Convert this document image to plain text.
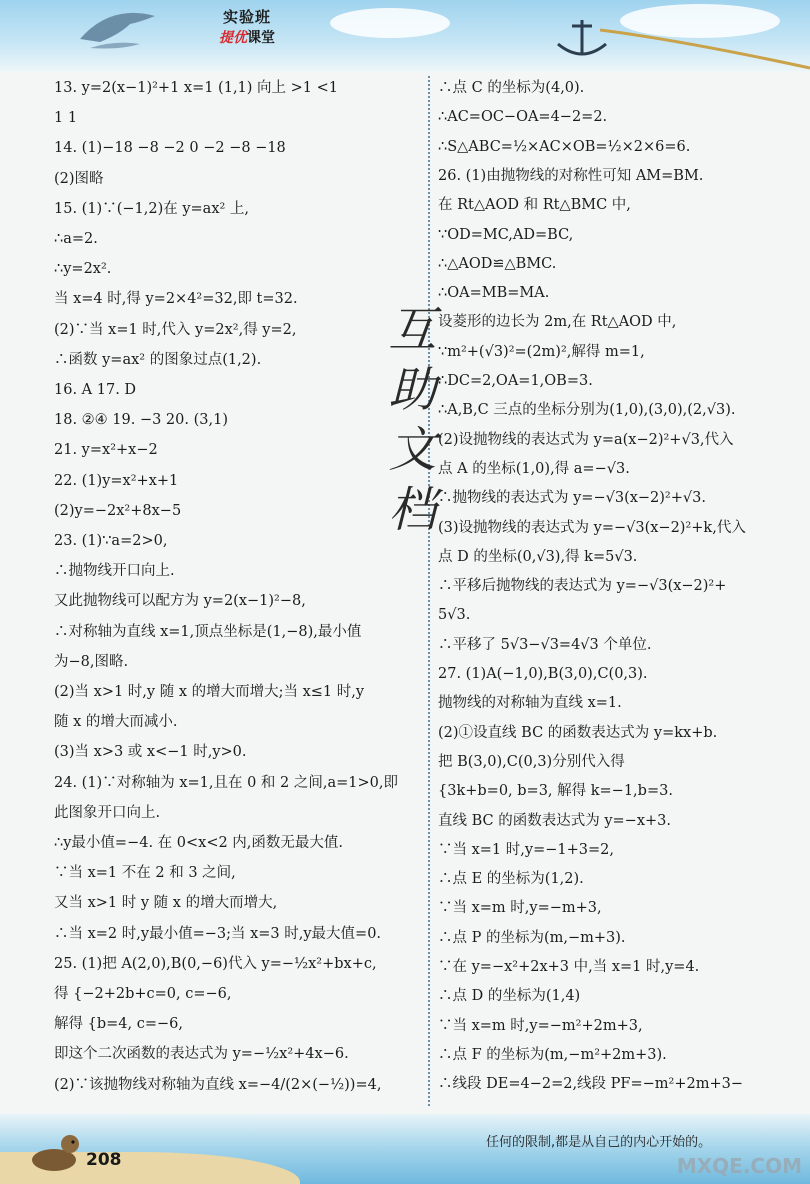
实验班
提优课堂
13. y=2(x−1)²+1 x=1 (1,1) 向上 >1 <1
1 1
14. (1)−18 −8 −2 0 −2 −8 −18
(2)图略
15. (1)∵(−1,2)在 y=ax² 上,
∴a=2.
∴y=2x².
当 x=4 时,得 y=2×4²=32,即 t=32.
(2)∵当 x=1 时,代入 y=2x²,得 y=2,
∴函数 y=ax² 的图象过点(1,2).
16. A 17. D
18. ②④ 19. −3 20. (3,1)
21. y=x²+x−2
22. (1)y=x²+x+1
(2)y=−2x²+8x−5
23. (1)∵a=2>0,
∴抛物线开口向上.
又此抛物线可以配方为 y=2(x−1)²−8,
∴对称轴为直线 x=1,顶点坐标是(1,−8),最小值
为−8,图略.
(2)当 x>1 时,y 随 x 的增大而增大;当 x≤1 时,y
随 x 的增大而减小.
(3)当 x>3 或 x<−1 时,y>0.
24. (1)∵对称轴为 x=1,且在 0 和 2 之间,a=1>0,即
此图象开口向上.
∴y最小值=−4. 在 0<x<2 内,函数无最大值.
∵当 x=1 不在 2 和 3 之间,
又当 x>1 时 y 随 x 的增大而增大,
∴当 x=2 时,y最小值=−3;当 x=3 时,y最大值=0.
25. (1)把 A(2,0),B(0,−6)代入 y=−½x²+bx+c,
得 {−2+2b+c=0, c=−6,
解得 {b=4, c=−6,
即这个二次函数的表达式为 y=−½x²+4x−6.
(2)∵该抛物线对称轴为直线 x=−4/(2×(−½))=4,
∴点 C 的坐标为(4,0).
∴AC=OC−OA=4−2=2.
∴S△ABC=½×AC×OB=½×2×6=6.
26. (1)由抛物线的对称性可知 AM=BM.
在 Rt△AOD 和 Rt△BMC 中,
∵OD=MC,AD=BC,
∴△AOD≌△BMC.
∴OA=MB=MA.
设菱形的边长为 2m,在 Rt△AOD 中,
∵m²+(√3)²=(2m)²,解得 m=1,
∴DC=2,OA=1,OB=3.
∴A,B,C 三点的坐标分别为(1,0),(3,0),(2,√3).
(2)设抛物线的表达式为 y=a(x−2)²+√3,代入
点 A 的坐标(1,0),得 a=−√3.
∴抛物线的表达式为 y=−√3(x−2)²+√3.
(3)设抛物线的表达式为 y=−√3(x−2)²+k,代入
点 D 的坐标(0,√3),得 k=5√3.
∴平移后抛物线的表达式为 y=−√3(x−2)²+
5√3.
∴平移了 5√3−√3=4√3 个单位.
27. (1)A(−1,0),B(3,0),C(0,3).
抛物线的对称轴为直线 x=1.
(2)①设直线 BC 的函数表达式为 y=kx+b.
把 B(3,0),C(0,3)分别代入得
{3k+b=0, b=3, 解得 k=−1,b=3.
直线 BC 的函数表达式为 y=−x+3.
∵当 x=1 时,y=−1+3=2,
∴点 E 的坐标为(1,2).
∵当 x=m 时,y=−m+3,
∴点 P 的坐标为(m,−m+3).
∵在 y=−x²+2x+3 中,当 x=1 时,y=4.
∴点 D 的坐标为(1,4)
∵当 x=m 时,y=−m²+2m+3,
∴点 F 的坐标为(m,−m²+2m+3).
∴线段 DE=4−2=2,线段 PF=−m²+2m+3−
互
助
文
档
208
任何的限制,都是从自己的内心开始的。
MXQE.COM
